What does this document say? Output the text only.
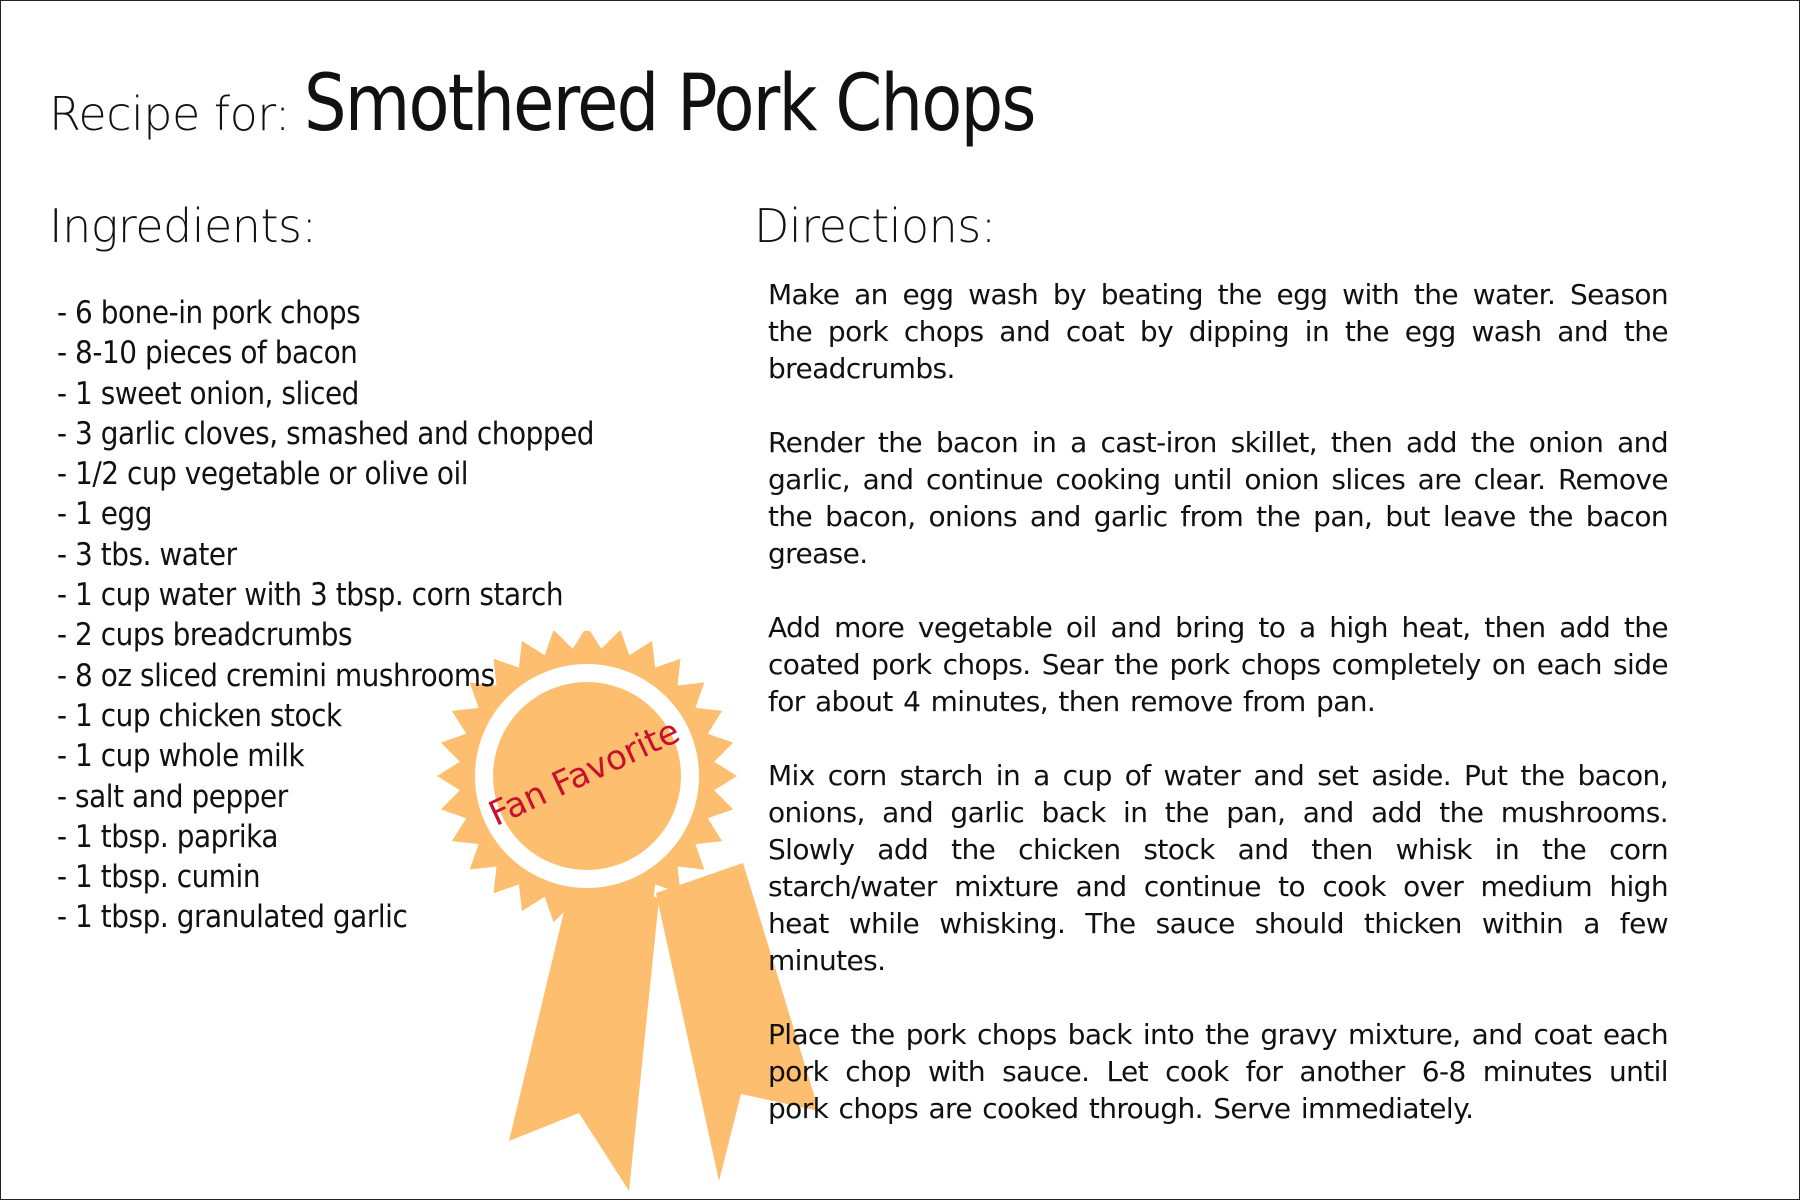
Recipe for: Smothered Pork Chops
Ingredients:	Directions:
- 6 bone-in pork chops
- 8-10 pieces of bacon
- 1 sweet onion, sliced
- 3 garlic cloves, smashed and chopped
- 1/2 cup vegetable or olive oil
- 1 egg
- 3 tbs. water
- 1 cup water with 3 tbsp. corn starch
- 2 cups breadcrumbs
- 8 oz sliced cremini mushrooms
- 1 cup chicken stock
- 1 cup whole milk
- salt and pepper
- 1 tbsp. paprika
- 1 tbsp. cumin
- 1 tbsp. granulated garlic

Make an egg wash by beating the egg with the water. Season the pork chops and coat by dipping in the egg wash and the breadcrumbs.

Render the bacon in a cast-iron skillet, then add the onion and garlic, and continue cooking until onion slices are clear. Remove the bacon, onions and garlic from the pan, but leave the bacon grease.

Add more vegetable oil and bring to a high heat, then add the coated pork chops. Sear the pork chops completely on each side for about 4 minutes, then remove from pan.

Mix corn starch in a cup of water and set aside. Put the bacon, onions, and garlic back in the pan, and add the mushrooms. Slowly add the chicken stock and then whisk in the corn starch/water mixture and continue to cook over medium high heat while whisking. The sauce should thicken within a few minutes.

Place the pork chops back into the gravy mixture, and coat each pork chop with sauce. Let cook for another 6-8 minutes until pork chops are cooked through. Serve immediately.

Fan Favorite
